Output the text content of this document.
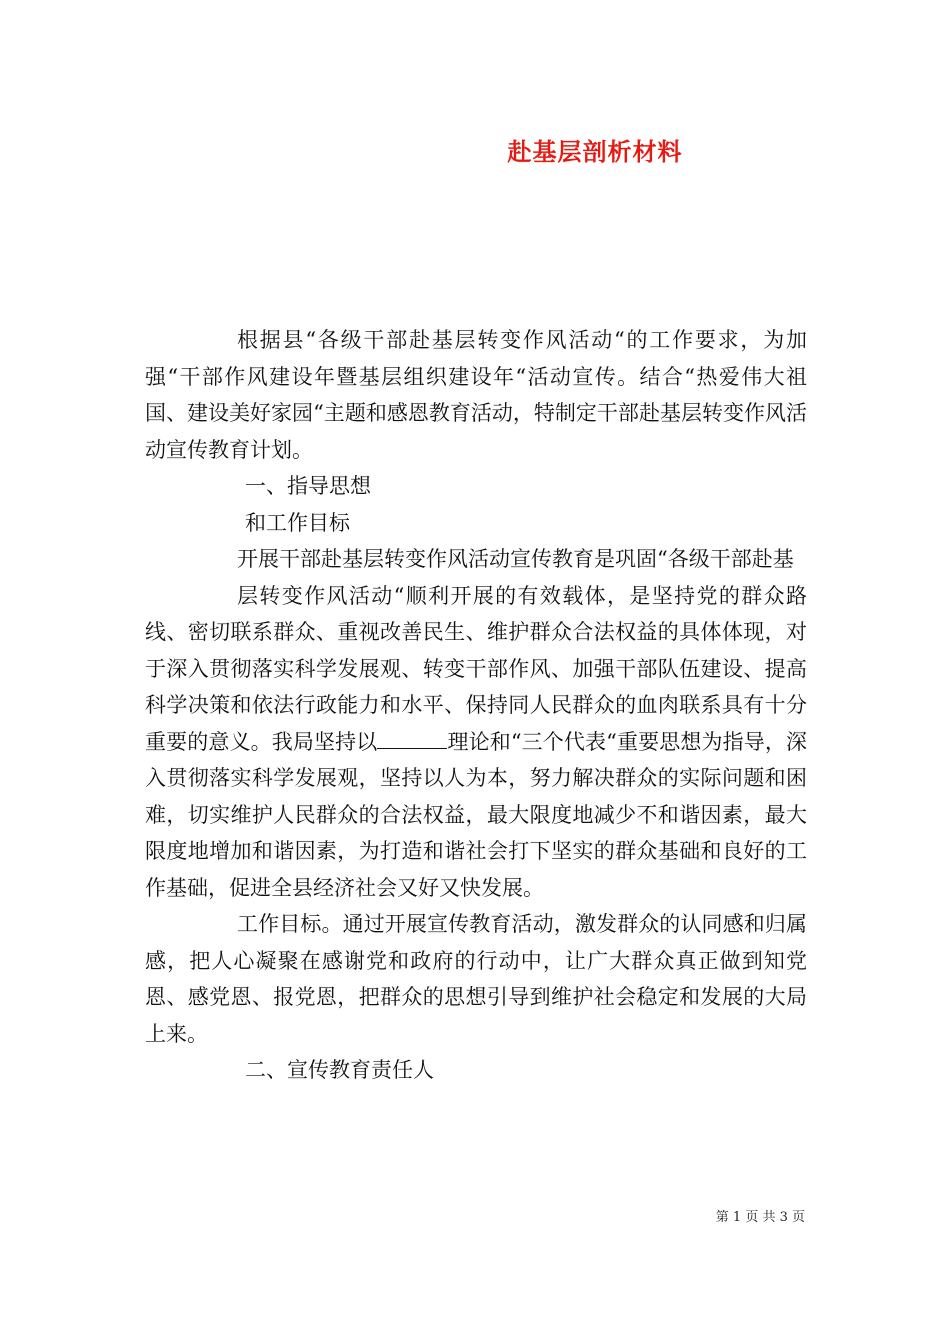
赴基层剖析材料

根据县“各级干部赴基层转变作风活动“的工作要求，为加强“干部作风建设年暨基层组织建设年“活动宣传。结合“热爱伟大祖国、建设美好家园“主题和感恩教育活动，特制定干部赴基层转变作风活动宣传教育计划。

一、指导思想

和工作目标

开展干部赴基层转变作风活动宣传教育是巩固“各级干部赴基

层转变作风活动“顺利开展的有效载体，是坚持党的群众路线、密切联系群众、重视改善民生、维护群众合法权益的具体体现，对于深入贯彻落实科学发展观、转变干部作风、加强干部队伍建设、提高科学决策和依法行政能力和水平、保持同人民群众的血肉联系具有十分重要的意义。我局坚持以	理论和“三个代表“重要思想为指导，深入贯彻落实科学发展观，坚持以人为本，努力解决群众的实际问题和困难，切实维护人民群众的合法权益，最大限度地减少不和谐因素，最大限度地增加和谐因素，为打造和谐社会打下坚实的群众基础和良好的工作基础，促进全县经济社会又好又快发展。

工作目标。通过开展宣传教育活动，激发群众的认同感和归属感，把人心凝聚在感谢党和政府的行动中，让广大群众真正做到知党恩、感党恩、报党恩，把群众的思想引导到维护社会稳定和发展的大局上来。

二、宣传教育责任人

第 1 页 共 3 页
